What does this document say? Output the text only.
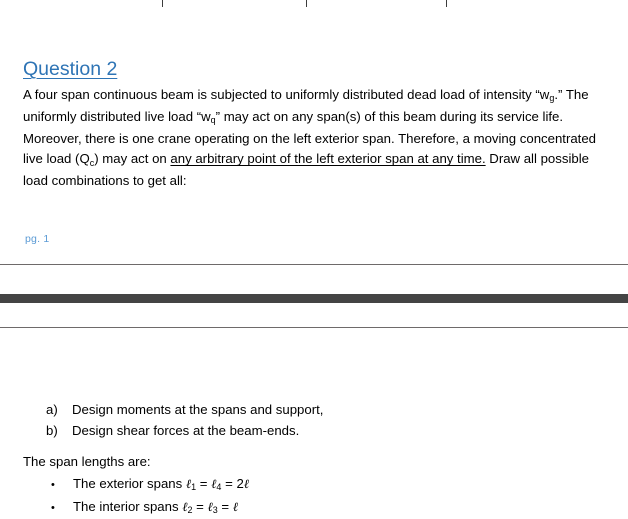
Question 2

A four span continuous beam is subjected to uniformly distributed dead load of intensity “$w_g$.” The uniformly distributed live load “$w_q$” may act on any span(s) of this beam during its service life. Moreover, there is one crane operating on the left exterior span. Therefore, a moving concentrated live load $(Q_c)$ may act on any arbitrary point of the left exterior span at any time. Draw all possible load combinations to get all:

pg. 1
a)	Design moments at the spans and support,
b)	Design shear forces at the beam-ends.
The span lengths are:
•	The exterior spans ℓ$_1$ = ℓ$_4$ = 2ℓ
•	The interior spans ℓ$_2$ = ℓ$_3$ = ℓ
